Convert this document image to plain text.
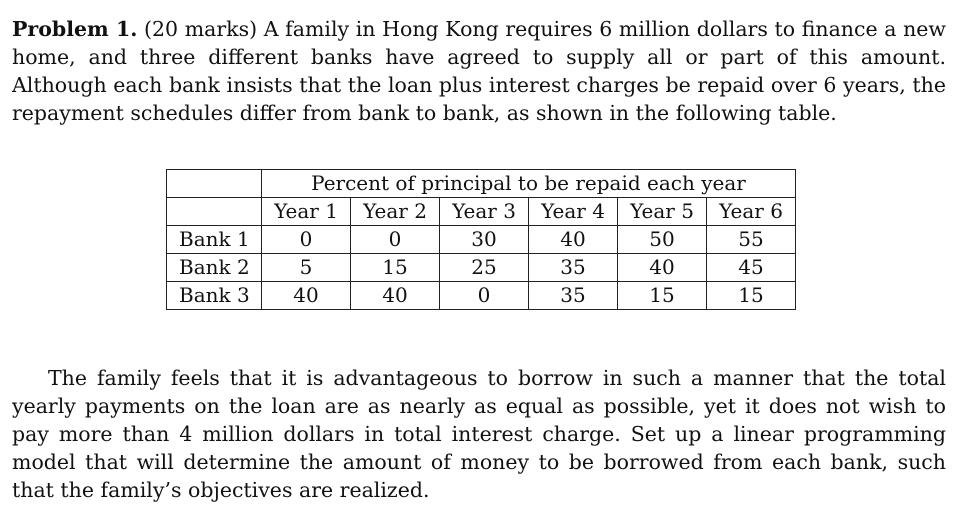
Problem 1. (20 marks) A family in Hong Kong requires 6 million dollars to finance a new home, and three different banks have agreed to supply all or part of this amount. Although each bank insists that the loan plus interest charges be repaid over 6 years, the repayment schedules differ from bank to bank, as shown in the following table.

	Percent of principal to be repaid each year					
	Year 1	Year 2	Year 3	Year 4	Year 5	Year 6
Bank 1	0	0	30	40	50	55
Bank 2	5	15	25	35	40	45
Bank 3	40	40	0	35	15	15

The family feels that it is advantageous to borrow in such a manner that the total yearly payments on the loan are as nearly as equal as possible, yet it does not wish to pay more than 4 million dollars in total interest charge. Set up a linear programming model that will determine the amount of money to be borrowed from each bank, such that the family’s objectives are realized.
